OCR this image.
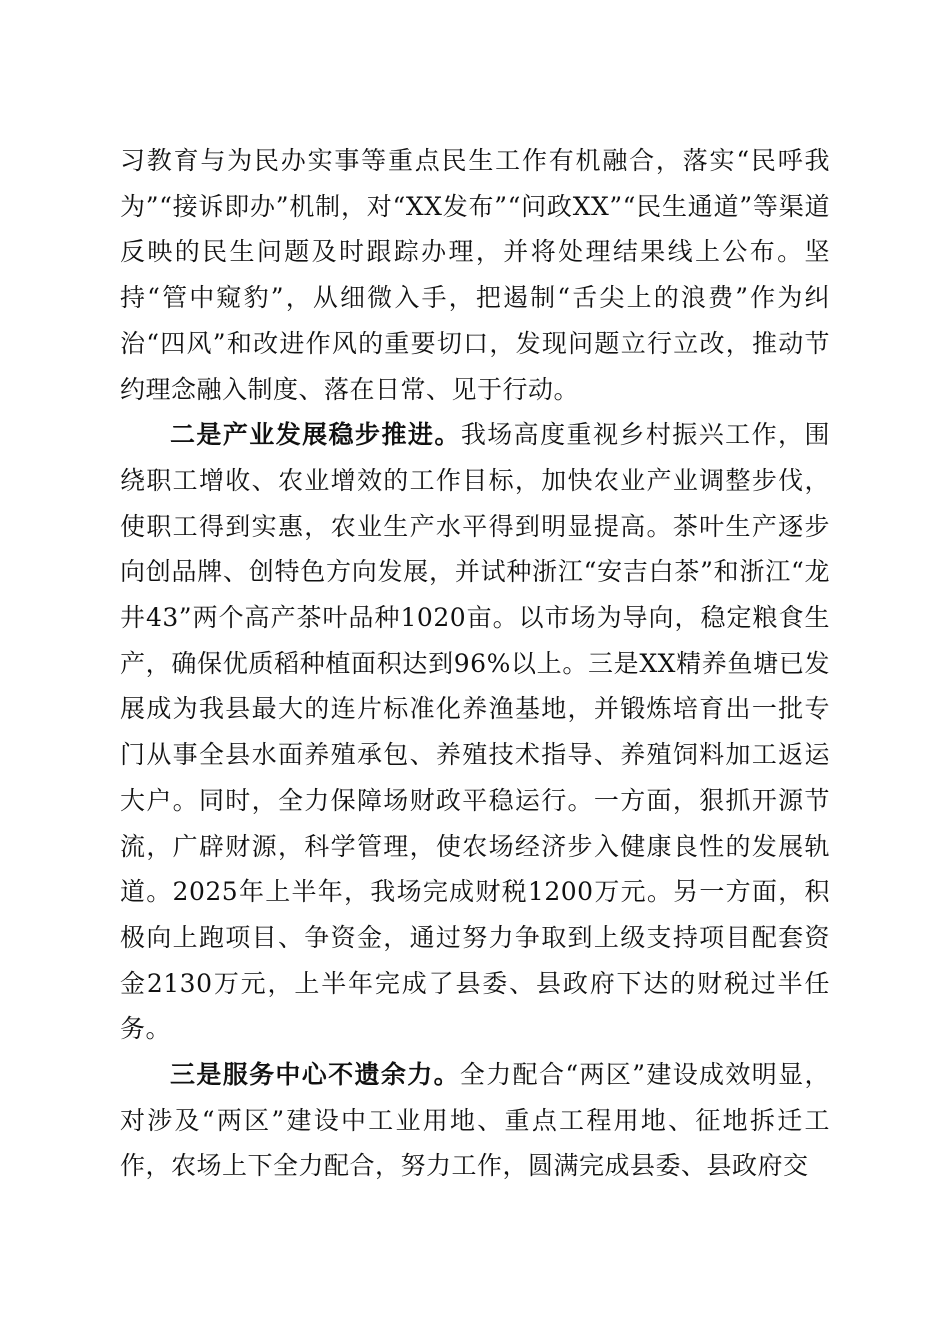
习教育与为民办实事等重点民生工作有机融合，落实“民呼我为”“接诉即办”机制，对“XX发布”“问政XX”“民生通道”等渠道反映的民生问题及时跟踪办理，并将处理结果线上公布。坚持“管中窥豹”，从细微入手，把遏制“舌尖上的浪费”作为纠治“四风”和改进作风的重要切口，发现问题立行立改，推动节约理念融入制度、落在日常、见于行动。

二是产业发展稳步推进。我场高度重视乡村振兴工作，围绕职工增收、农业增效的工作目标，加快农业产业调整步伐，使职工得到实惠，农业生产水平得到明显提高。茶叶生产逐步向创品牌、创特色方向发展，并试种浙江“安吉白茶”和浙江“龙井43”两个高产茶叶品种1020亩。以市场为导向，稳定粮食生产，确保优质稻种植面积达到96%以上。三是XX精养鱼塘已发展成为我县最大的连片标准化养渔基地，并锻炼培育出一批专门从事全县水面养殖承包、养殖技术指导、养殖饲料加工返运大户。同时，全力保障场财政平稳运行。一方面，狠抓开源节流，广辟财源，科学管理，使农场经济步入健康良性的发展轨道。2025年上半年，我场完成财税1200万元。另一方面，积极向上跑项目、争资金，通过努力争取到上级支持项目配套资金2130万元，上半年完成了县委、县政府下达的财税过半任务。

三是服务中心不遗余力。全力配合“两区”建设成效明显，对涉及“两区”建设中工业用地、重点工程用地、征地拆迁工作，农场上下全力配合，努力工作，圆满完成县委、县政府交
